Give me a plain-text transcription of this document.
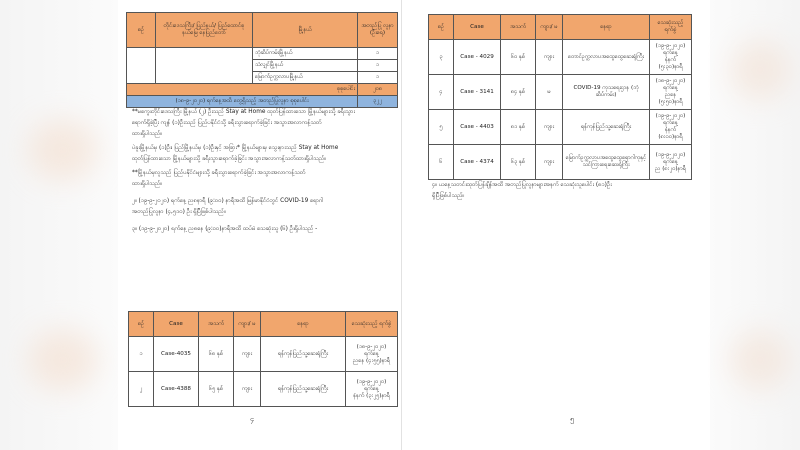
စဉ်	တိုင်းဒေသကြီး/ ပြည်နယ်/ ပြည်ထောင်စုနယ်မြေ နေပြည်တော်	မြို့နယ်	အတည်ပြု လူနာ (ဦးရေ)
		ဘုံဆိပ်ကမ်းမြို့နယ်	၁
		သံလျှင်မြို့နယ်	၁
		မြောက်ဥက္ကလာပမြို့နယ်	၁
စုစုပေါင်း			၂၀၈
(၁၈-၉-၂၀၂၀) ရက်နေ့အထိ တွေ့ရှိသည့် အတည်ပြုလူနာ စုစုပေါင်း			၃၂၂
**မကွေးတိုင်းဒေသကြီး မြို့နယ် (၂) ဦးသည် Stay at Home ထုတ်ပြန်ထားသော မြို့နယ်များသို့ ခရီးသွား
ရောက်ရှိခဲ့ပြီး ကျန် (၁)ဦးသည် ပြည်ပနိုင်ငံသို့ ခရီးသွားရောက်ခဲ့ခြင်း အသွားအလာကန့်သတ်
ထားရှိပါသည်။
ပဲခူးမြို့နယ်မှ (၁)ဦး၊ ပြည်မြို့နယ်မှ (၁)ဦးနှင့် အခြား* မြို့နယ်များမှ သွေးနားသည် Stay at Home
ထုတ်ပြန်ထားသော မြို့နယ်များသို့ ခရီးသွားရောက်ခဲ့ခြင်း အသွားအလာကန့်သတ်ထားရှိပါသည်။
**မြို့နယ်မှလူသည် ပြည်ပနိုင်ငံများသို့ ခရီးသွားရောက်ခဲ့ခြင်း အသွားအလာကန့်သတ်
ထားရှိပါသည်။
၂။ (၁၉-၉-၂၀၂၀) ရက်နေ့ ည၈နာရီ (၉:၀၀) နာရီအထိ မြန်မာနိုင်ငံတွင် COVID-19 ရောဂါ
အတည်ပြုလူနာ (၄,၅၁၀) ဦး ရှိပြီဖြစ်ပါသည်။
၃။ (၁၉-၉-၂၀၂၀) ရက်နေ့ ည၈နေ (၉:၀၀)နာရီအထိ ထပ်မံ သေဆုံးသူ (၆) ဦးရှိပါသည် -
စဉ်	Case	အသက်	ကျား/ မ	နေရာ	သေဆုံးသည့် ရက်စွဲ
၁	Case-4035	၆၈ နှစ်	ကျား	ရန်ကုန်ပြည်သူ့ဆေးရုံကြီး	(၁၈-၉-၂၀၂၀)
ရက်နေ့
ညနေ (၄:၅၅)နာရီ

၂	Case-4388	၆၅ နှစ်	ကျား	ရန်ကုန်ပြည်သူ့ဆေးရုံကြီး	(၁၉-၉-၂၀၂၀)
ရက်နေ့
နံနက် (၃:၂၅)နာရီ
၄
စဉ်	Case	အသက်	ကျား/ မ	နေရာ	သေဆုံးသည့် ရက်စွဲ
၃	Case - 4029	၆၀ နှစ်	ကျား	တောင်ဥက္ကလာပအထွေထွေဆေးရုံကြီး	(၁၉-၉-၂၀၂၀)
ရက်နေ့
နံနက် (၅:၃၀)နာရီ

၄	Case - 3141	၈၄ နှစ်	မ	COVID-19 ကုသရေးဌာန (ဘုံဆိပ်ကမ်း)	(၁၈-၉-၂၀၂၀)
ရက်နေ့
ညနေ (၅:၅၀)နာရီ

၅	Case - 4403	၈၁ နှစ်	ကျား	ရန်ကုန်ပြည်သူ့ဆေးရုံကြီး	(၁၉-၉-၂၀၂၀)
ရက်နေ့
နံနက် (၈:၀၀)နာရီ

၆	Case - 4374	၆၃ နှစ်	ကျား	မြောက်ဥက္ကလာပအထွေထွေရောဂါကုနှင့် သင်ကြားရေးဆေးရုံကြီး	(၁၉-၉-၂၀၂၀)
ရက်နေ့
ည (၈:၂၀)နာရီ
၄။ ယနေ့သတင်းထုတ်ပြန်ချိန်အထိ အတည်ပြုလူနာများအနက် သေဆုံးသူပေါင်း (၈၁)ဦး
ရှိပြီဖြစ်ပါသည်။
၅
